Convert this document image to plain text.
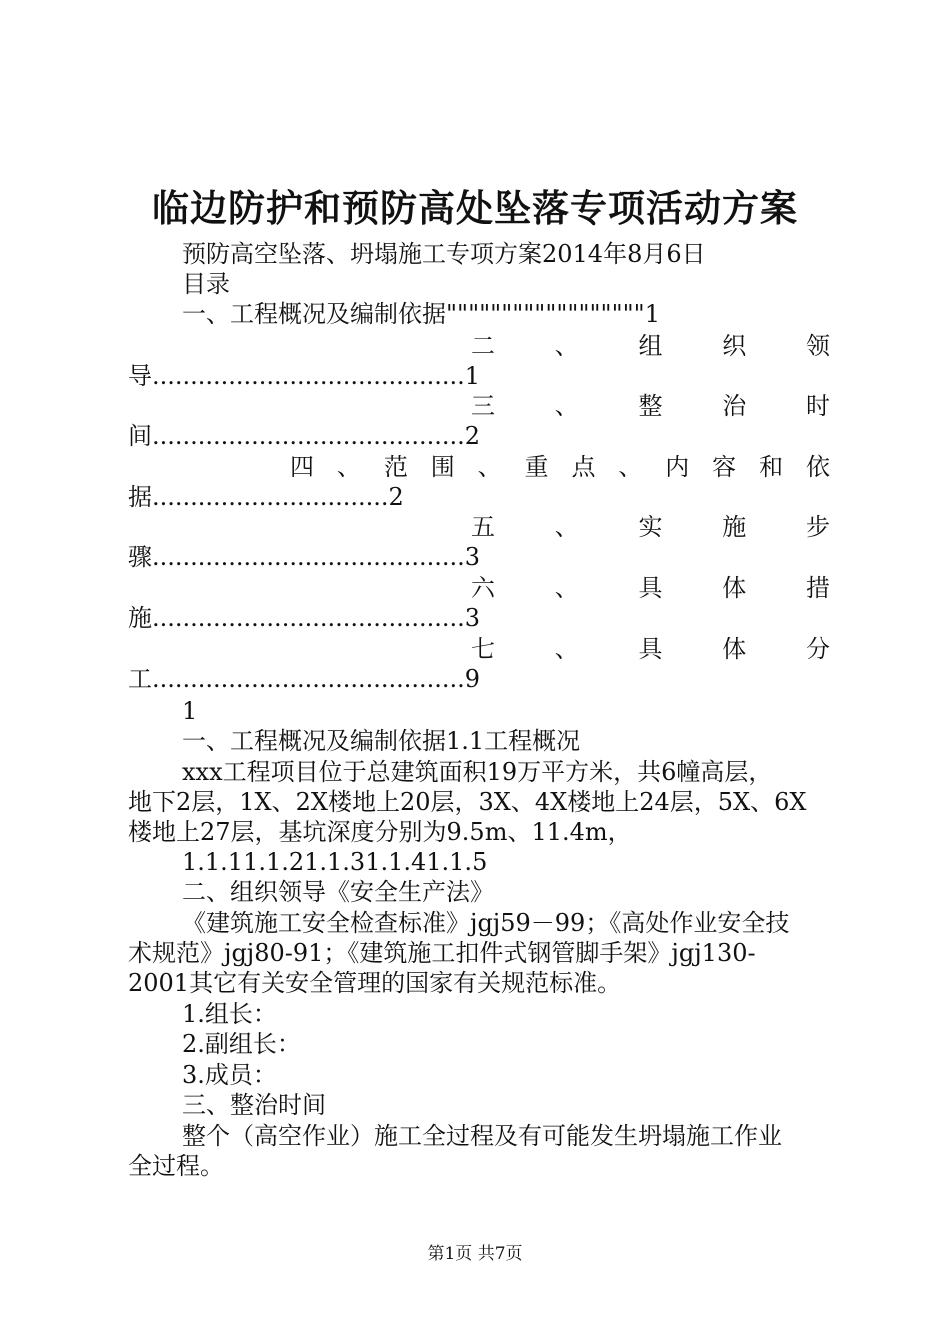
临边防护和预防高处坠落专项活动方案
预防高空坠落、坍塌施工专项方案2014年8月6日
目录
一、工程概况及编制依据""""""""""""""""""1
二 、 组 织 领
导.........................................1
三 、 整 治 时
间.........................................2
四 、 范 围 、 重 点 、 内 容 和 依
据...............................2
五 、 实 施 步
骤.........................................3
六 、 具 体 措
施.........................................3
七 、 具 体 分
工.........................................9
1
一、工程概况及编制依据1.1工程概况
xxx工程项目位于总建筑面积19万平方米，共6幢高层，
地下2层，1X、2X楼地上20层，3X、4X楼地上24层，5X、6X
楼地上27层，基坑深度分别为9.5m、11.4m，
1.1.11.1.21.1.31.1.41.1.5
二、组织领导《安全生产法》
《建筑施工安全检查标准》jgj59－99；《高处作业安全技
术规范》jgj80-91；《建筑施工扣件式钢管脚手架》jgj130-
2001其它有关安全管理的国家有关规范标准。
1.组长：
2.副组长：
3.成员：
三、整治时间
整个（高空作业）施工全过程及有可能发生坍塌施工作业
全过程。
第1页 共7页
